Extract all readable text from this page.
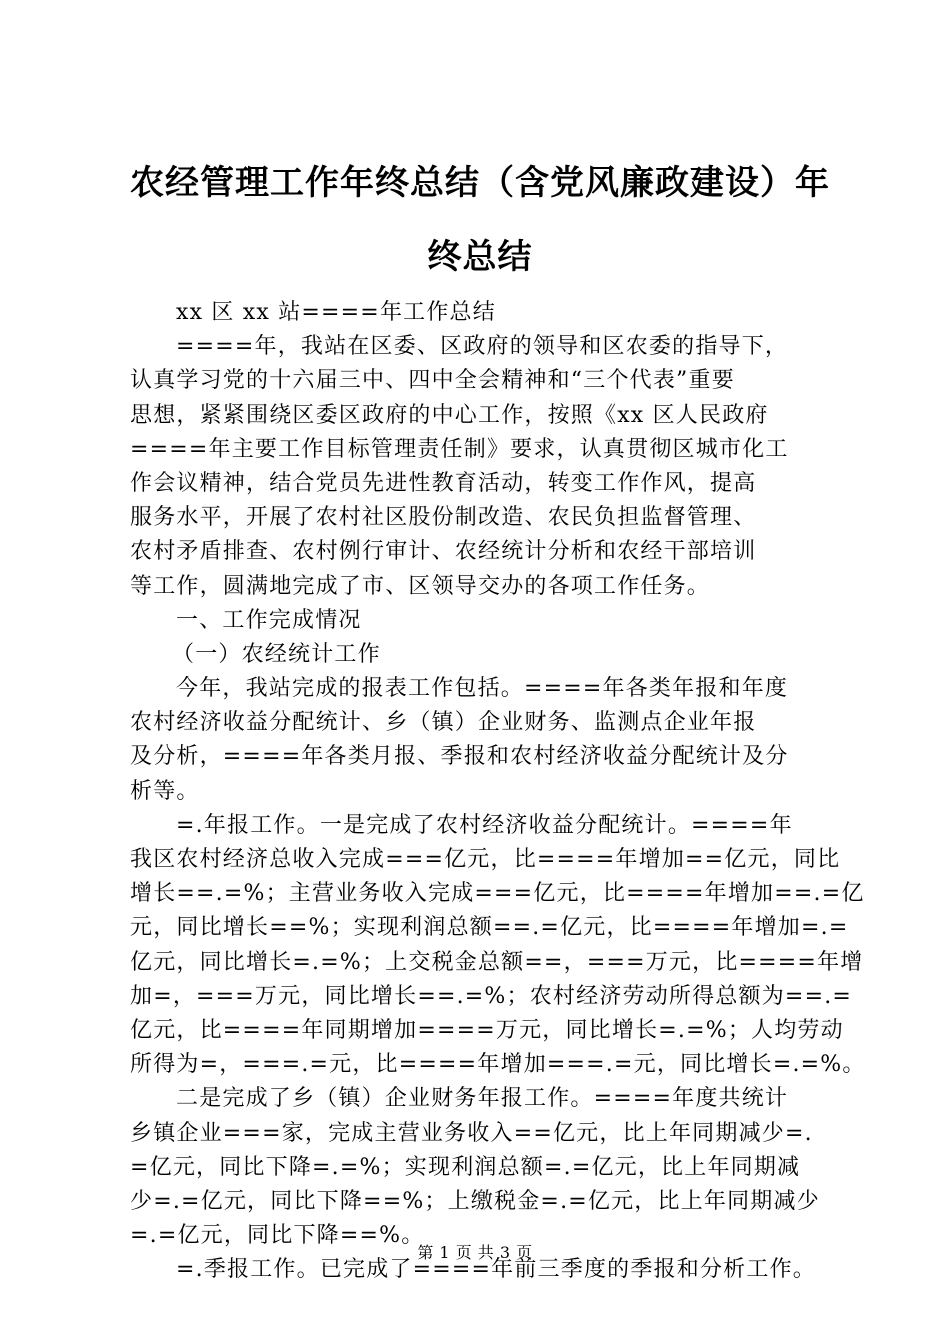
农经管理工作年终总结（含党风廉政建设）年
终总结
xx 区 xx 站====年工作总结
====年，我站在区委、区政府的领导和区农委的指导下，
认真学习党的十六届三中、四中全会精神和“三个代表”重要
思想，紧紧围绕区委区政府的中心工作，按照《xx 区人民政府
====年主要工作目标管理责任制》要求，认真贯彻区城市化工
作会议精神，结合党员先进性教育活动，转变工作作风，提高
服务水平，开展了农村社区股份制改造、农民负担监督管理、
农村矛盾排查、农村例行审计、农经统计分析和农经干部培训
等工作，圆满地完成了市、区领导交办的各项工作任务。
一、工作完成情况
（一）农经统计工作
今年，我站完成的报表工作包括。====年各类年报和年度
农村经济收益分配统计、乡（镇）企业财务、监测点企业年报
及分析，====年各类月报、季报和农村经济收益分配统计及分
析等。
=.年报工作。一是完成了农村经济收益分配统计。====年
我区农村经济总收入完成===亿元，比====年增加==亿元，同比
增长==.=%；主营业务收入完成===亿元，比====年增加==.=亿
元，同比增长==%；实现利润总额==.=亿元，比====年增加=.=
亿元，同比增长=.=%；上交税金总额==，===万元，比====年增
加=，===万元，同比增长==.=%；农村经济劳动所得总额为==.=
亿元，比====年同期增加====万元，同比增长=.=%；人均劳动
所得为=，===.=元，比====年增加===.=元，同比增长=.=%。
二是完成了乡（镇）企业财务年报工作。====年度共统计
乡镇企业===家，完成主营业务收入==亿元，比上年同期减少=.
=亿元，同比下降=.=%；实现利润总额=.=亿元，比上年同期减
少=.=亿元，同比下降==%；上缴税金=.=亿元，比上年同期减少
=.=亿元，同比下降==%。
=.季报工作。已完成了====年前三季度的季报和分析工作。
第 1 页 共 3 页
